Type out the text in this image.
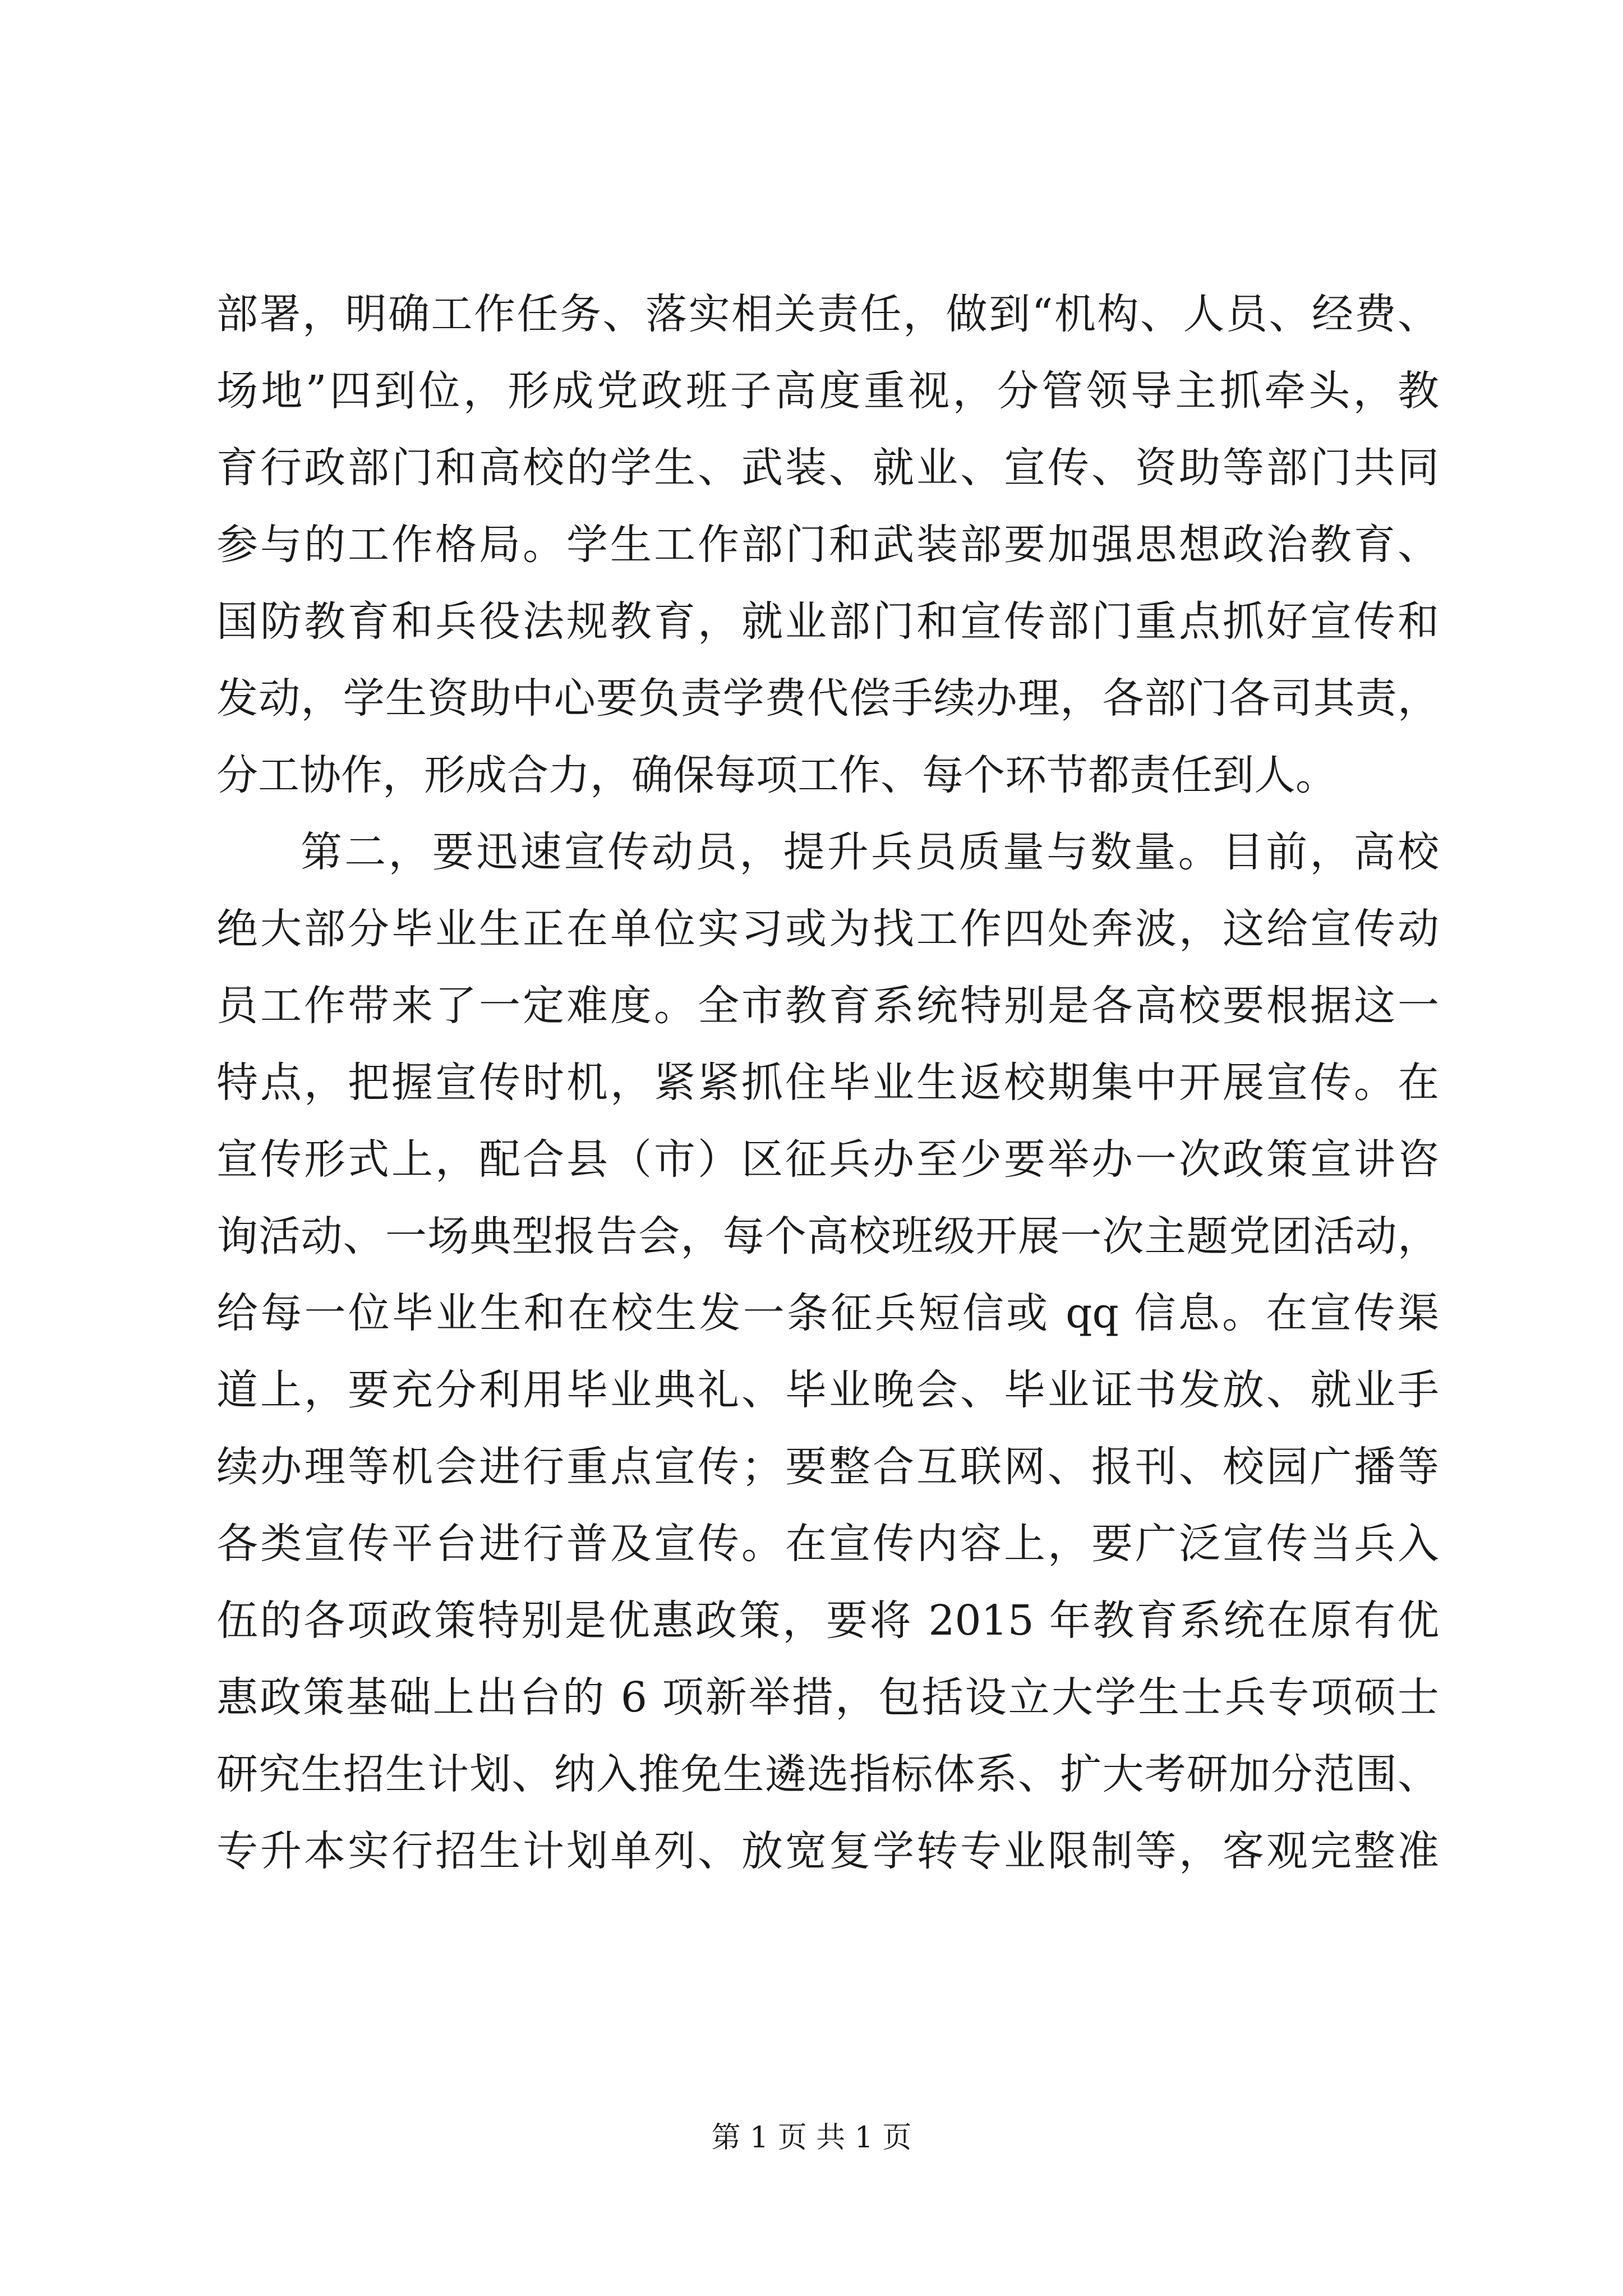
部署，明确工作任务、落实相关责任，做到“机构、人员、经费、
场地”四到位，形成党政班子高度重视，分管领导主抓牵头，教
育行政部门和高校的学生、武装、就业、宣传、资助等部门共同
参与的工作格局。学生工作部门和武装部要加强思想政治教育、
国防教育和兵役法规教育，就业部门和宣传部门重点抓好宣传和
发动，学生资助中心要负责学费代偿手续办理，各部门各司其责，
分工协作，形成合力，确保每项工作、每个环节都责任到人。
第二，要迅速宣传动员，提升兵员质量与数量。目前，高校
绝大部分毕业生正在单位实习或为找工作四处奔波，这给宣传动
员工作带来了一定难度。全市教育系统特别是各高校要根据这一
特点，把握宣传时机，紧紧抓住毕业生返校期集中开展宣传。在
宣传形式上，配合县（市）区征兵办至少要举办一次政策宣讲咨
询活动、一场典型报告会，每个高校班级开展一次主题党团活动，
给每一位毕业生和在校生发一条征兵短信或 qq 信息。在宣传渠
道上，要充分利用毕业典礼、毕业晚会、毕业证书发放、就业手
续办理等机会进行重点宣传；要整合互联网、报刊、校园广播等
各类宣传平台进行普及宣传。在宣传内容上，要广泛宣传当兵入
伍的各项政策特别是优惠政策，要将 2015 年教育系统在原有优
惠政策基础上出台的 6 项新举措，包括设立大学生士兵专项硕士
研究生招生计划、纳入推免生遴选指标体系、扩大考研加分范围、
专升本实行招生计划单列、放宽复学转专业限制等，客观完整准
第 1 页 共 1 页
